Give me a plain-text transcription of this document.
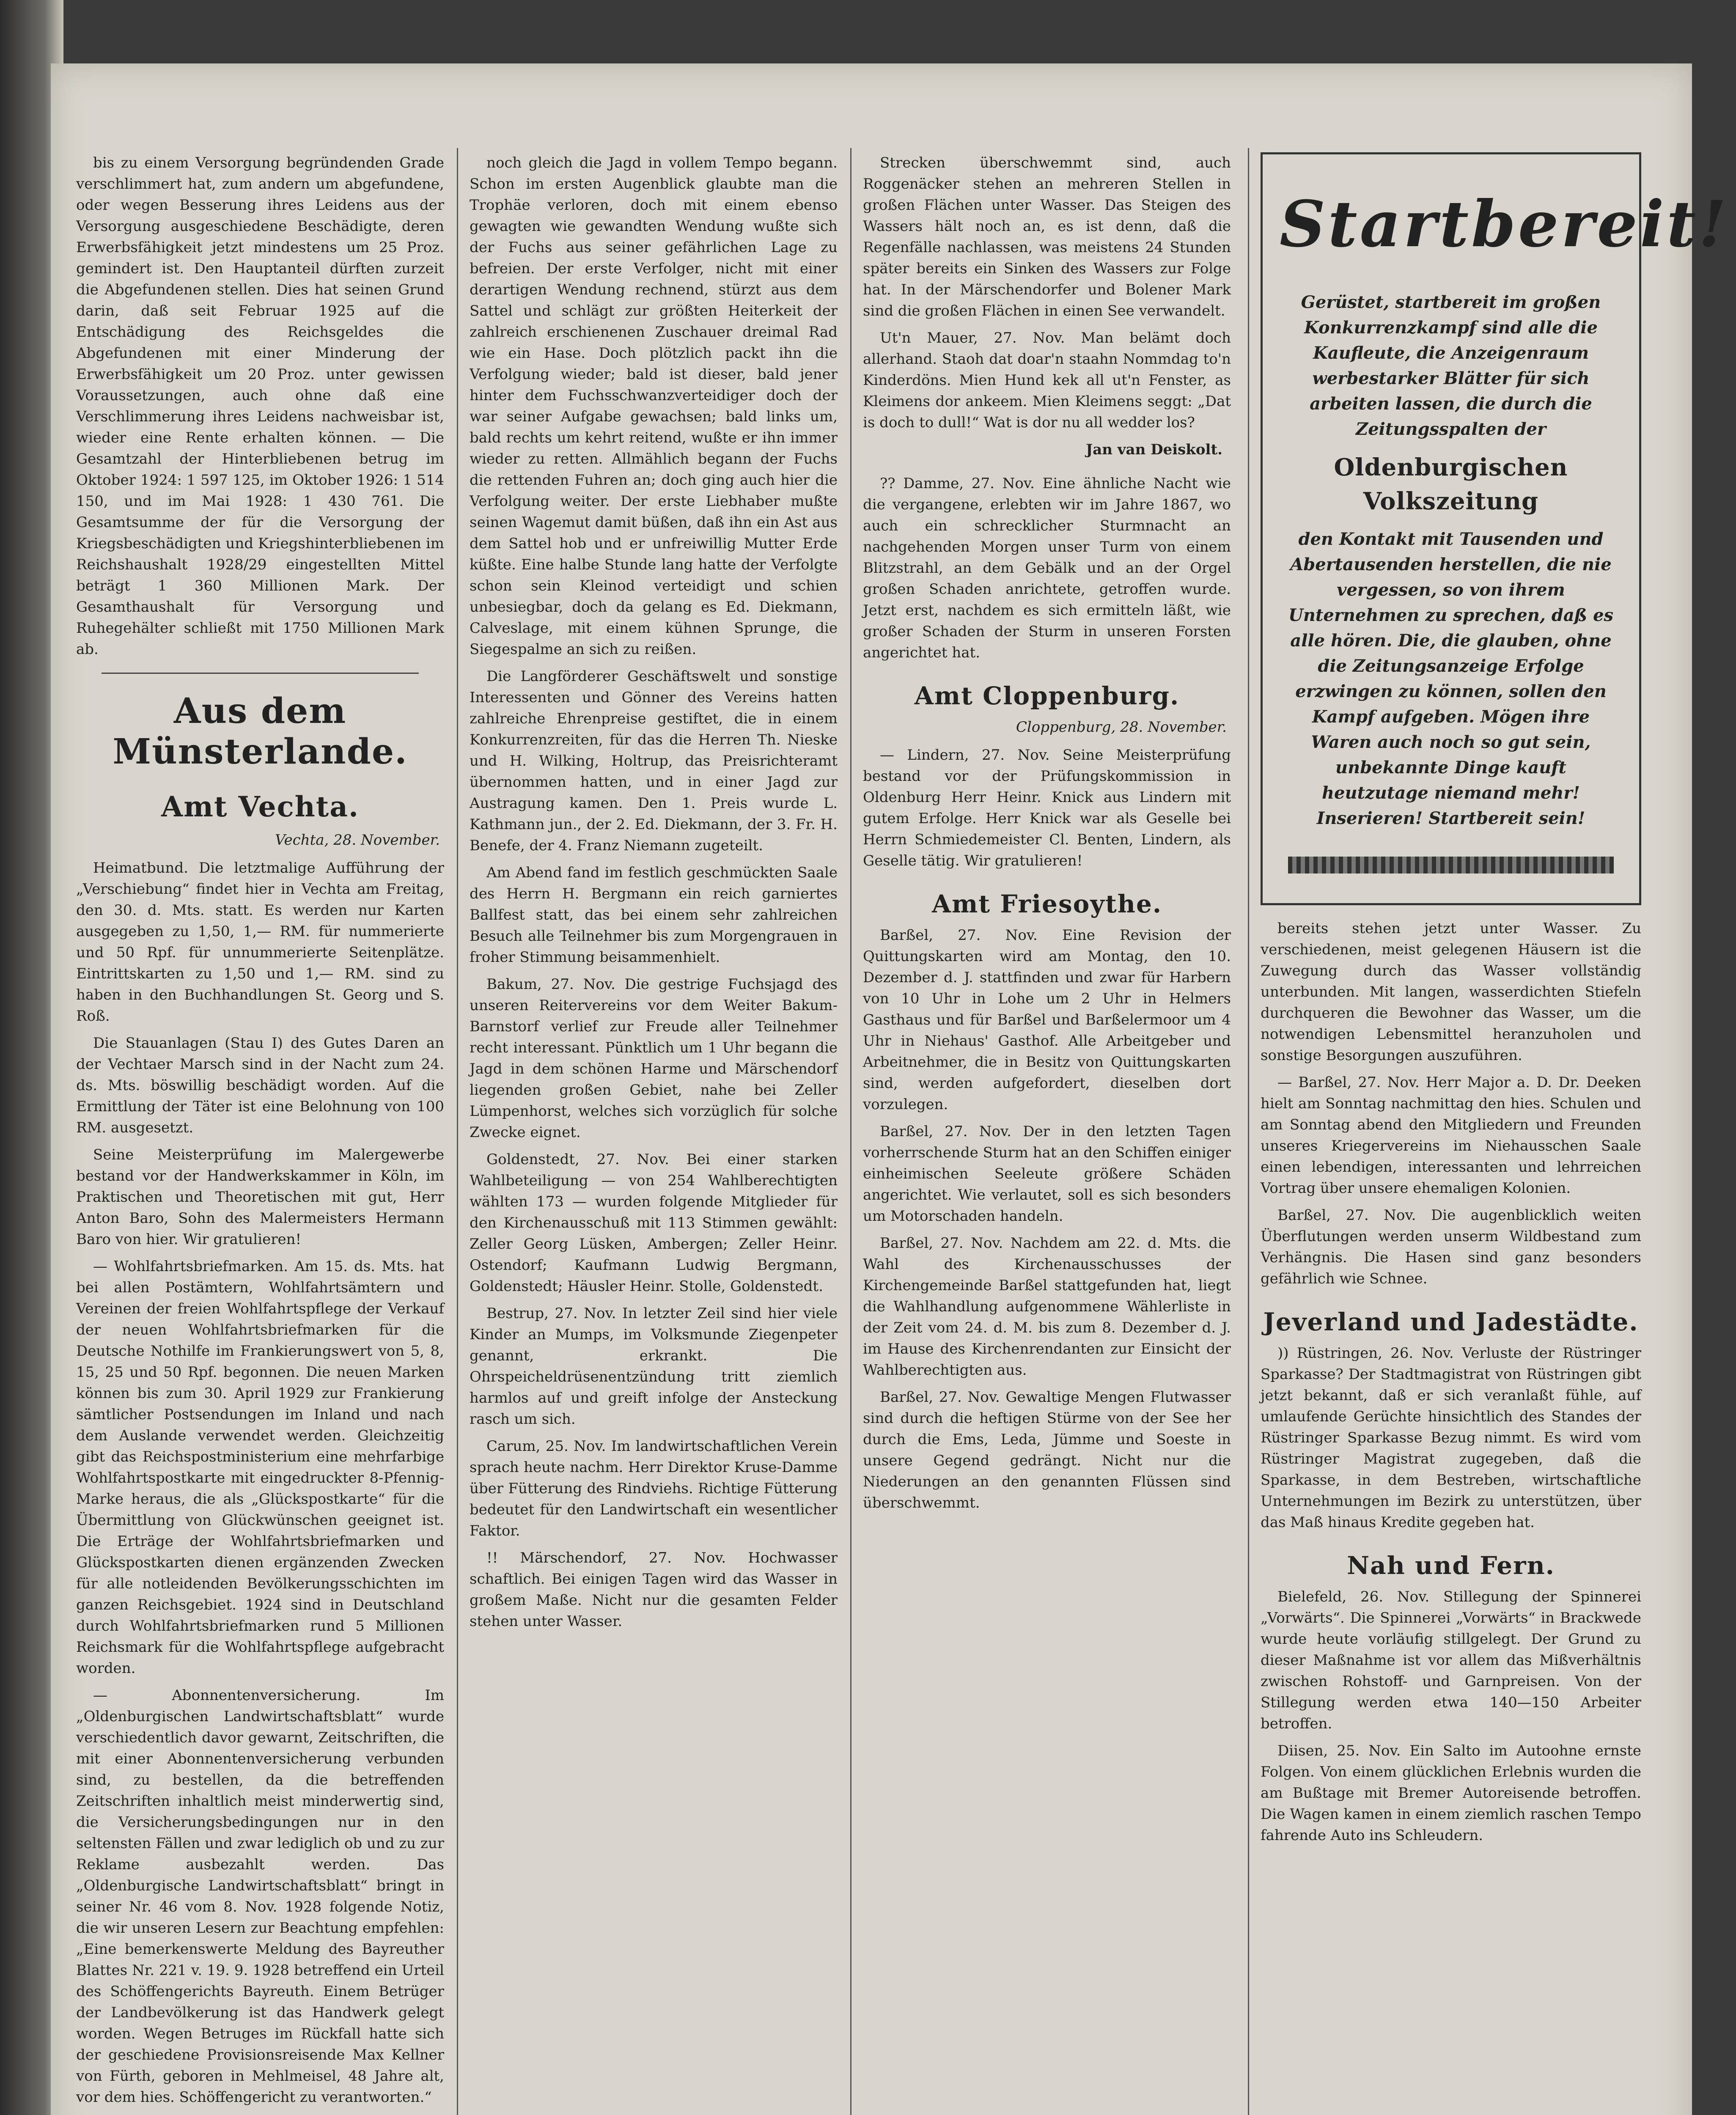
bis zu einem Versorgung begründenden Grade verschlimmert hat, zum andern um abgefundene, oder wegen Besserung ihres Leidens aus der Versorgung ausgeschiedene Beschädigte, deren Erwerbsfähigkeit jetzt mindestens um 25 Proz. gemindert ist. Den Hauptanteil dürften zurzeit die Abgefundenen stellen. Dies hat seinen Grund darin, daß seit Februar 1925 auf die Entschädigung des Reichsgeldes die Abgefundenen mit einer Minderung der Erwerbsfähigkeit um 20 Proz. unter gewissen Voraussetzungen, auch ohne daß eine Verschlimmerung ihres Leidens nachweisbar ist, wieder eine Rente erhalten können. — Die Gesamtzahl der Hinterbliebenen betrug im Oktober 1924: 1 597 125, im Oktober 1926: 1 514 150, und im Mai 1928: 1 430 761. Die Gesamtsumme der für die Versorgung der Kriegsbeschädigten und Kriegshinterbliebenen im Reichshaushalt 1928/29 eingestellten Mittel beträgt 1 360 Millionen Mark. Der Gesamthaushalt für Versorgung und Ruhegehälter schließt mit 1750 Millionen Mark ab.

Aus dem Münsterlande.
Amt Vechta.
Vechta, 28. November.

Heimatbund. Die letztmalige Aufführung der „Verschiebung“ findet hier in Vechta am Freitag, den 30. d. Mts. statt. Es werden nur Karten ausgegeben zu 1,50, 1,— RM. für nummerierte und 50 Rpf. für unnummerierte Seitenplätze. Eintrittskarten zu 1,50 und 1,— RM. sind zu haben in den Buchhandlungen St. Georg und S. Roß.

Die Stauanlagen (Stau I) des Gutes Daren an der Vechtaer Marsch sind in der Nacht zum 24. ds. Mts. böswillig beschädigt worden. Auf die Ermittlung der Täter ist eine Belohnung von 100 RM. ausgesetzt.

Seine Meisterprüfung im Malergewerbe bestand vor der Handwerkskammer in Köln, im Praktischen und Theoretischen mit gut, Herr Anton Baro, Sohn des Malermeisters Hermann Baro von hier. Wir gratulieren!

— Wohlfahrtsbriefmarken. Am 15. ds. Mts. hat bei allen Postämtern, Wohlfahrtsämtern und Vereinen der freien Wohlfahrtspflege der Verkauf der neuen Wohlfahrtsbriefmarken für die Deutsche Nothilfe im Frankierungswert von 5, 8, 15, 25 und 50 Rpf. begonnen. Die neuen Marken können bis zum 30. April 1929 zur Frankierung sämtlicher Postsendungen im Inland und nach dem Auslande verwendet werden. Gleichzeitig gibt das Reichspostministerium eine mehrfarbige Wohlfahrtspostkarte mit eingedruckter 8-Pfennig-Marke heraus, die als „Glückspostkarte“ für die Übermittlung von Glückwünschen geeignet ist. Die Erträge der Wohlfahrtsbriefmarken und Glückspostkarten dienen ergänzenden Zwecken für alle notleidenden Bevölkerungsschichten im ganzen Reichsgebiet. 1924 sind in Deutschland durch Wohlfahrtsbriefmarken rund 5 Millionen Reichsmark für die Wohlfahrtspflege aufgebracht worden.

— Abonnentenversicherung. Im „Oldenburgischen Landwirtschaftsblatt“ wurde verschiedentlich davor gewarnt, Zeitschriften, die mit einer Abonnentenversicherung verbunden sind, zu bestellen, da die betreffenden Zeitschriften inhaltlich meist minderwertig sind, die Versicherungsbedingungen nur in den seltensten Fällen und zwar lediglich ob und zu zur Reklame ausbezahlt werden. Das „Oldenburgische Landwirtschaftsblatt“ bringt in seiner Nr. 46 vom 8. Nov. 1928 folgende Notiz, die wir unseren Lesern zur Beachtung empfehlen: „Eine bemerkenswerte Meldung des Bayreuther Blattes Nr. 221 v. 19. 9. 1928 betreffend ein Urteil des Schöffengerichts Bayreuth. Einem Betrüger der Landbevölkerung ist das Handwerk gelegt worden. Wegen Betruges im Rückfall hatte sich der geschiedene Provisionsreisende Max Kellner von Fürth, geboren in Mehlmeisel, 48 Jahre alt, vor dem hies. Schöffengericht zu verantworten.“

noch gleich die Jagd in vollem Tempo begann. Schon im ersten Augenblick glaubte man die Trophäe verloren, doch mit einem ebenso gewagten wie gewandten Wendung wußte sich der Fuchs aus seiner gefährlichen Lage zu befreien. Der erste Verfolger, nicht mit einer derartigen Wendung rechnend, stürzt aus dem Sattel und schlägt zur größten Heiterkeit der zahlreich erschienenen Zuschauer dreimal Rad wie ein Hase. Doch plötzlich packt ihn die Verfolgung wieder; bald ist dieser, bald jener hinter dem Fuchsschwanzverteidiger doch der war seiner Aufgabe gewachsen; bald links um, bald rechts um kehrt reitend, wußte er ihn immer wieder zu retten. Allmählich begann der Fuchs die rettenden Fuhren an; doch ging auch hier die Verfolgung weiter. Der erste Liebhaber mußte seinen Wagemut damit büßen, daß ihn ein Ast aus dem Sattel hob und er unfreiwillig Mutter Erde küßte. Eine halbe Stunde lang hatte der Verfolgte schon sein Kleinod verteidigt und schien unbesiegbar, doch da gelang es Ed. Diekmann, Calveslage, mit einem kühnen Sprunge, die Siegespalme an sich zu reißen.

Die Langförderer Geschäftswelt und sonstige Interessenten und Gönner des Vereins hatten zahlreiche Ehrenpreise gestiftet, die in einem Konkurrenzreiten, für das die Herren Th. Nieske und H. Wilking, Holtrup, das Preisrichteramt übernommen hatten, und in einer Jagd zur Austragung kamen. Den 1. Preis wurde L. Kathmann jun., der 2. Ed. Diekmann, der 3. Fr. H. Benefe, der 4. Franz Niemann zugeteilt.

Am Abend fand im festlich geschmückten Saale des Herrn H. Bergmann ein reich garniertes Ballfest statt, das bei einem sehr zahlreichen Besuch alle Teilnehmer bis zum Morgengrauen in froher Stimmung beisammenhielt.

Bakum, 27. Nov. Die gestrige Fuchsjagd des unseren Reitervereins vor dem Weiter Bakum-Barnstorf verlief zur Freude aller Teilnehmer recht interessant. Pünktlich um 1 Uhr begann die Jagd in dem schönen Harme und Märschendorf liegenden großen Gebiet, nahe bei Zeller Lümpenhorst, welches sich vorzüglich für solche Zwecke eignet.

Goldenstedt, 27. Nov. Bei einer starken Wahlbeteiligung — von 254 Wahlberechtigten wählten 173 — wurden folgende Mitglieder für den Kirchenausschuß mit 113 Stimmen gewählt: Zeller Georg Lüsken, Ambergen; Zeller Heinr. Ostendorf; Kaufmann Ludwig Bergmann, Goldenstedt; Häusler Heinr. Stolle, Goldenstedt.

Bestrup, 27. Nov. In letzter Zeil sind hier viele Kinder an Mumps, im Volksmunde Ziegenpeter genannt, erkrankt. Die Ohrspeicheldrüsenentzündung tritt ziemlich harmlos auf und greift infolge der Ansteckung rasch um sich.

Carum, 25. Nov. Im landwirtschaftlichen Verein sprach heute nachm. Herr Direktor Kruse-Damme über Fütterung des Rindviehs. Richtige Fütterung bedeutet für den Landwirtschaft ein wesentlicher Faktor.

!! Märschendorf, 27. Nov. Hochwasser schaftlich. Bei einigen Tagen wird das Wasser in großem Maße. Nicht nur die gesamten Felder stehen unter Wasser.

Strecken überschwemmt sind, auch Roggenäcker stehen an mehreren Stellen in großen Flächen unter Wasser. Das Steigen des Wassers hält noch an, es ist denn, daß die Regenfälle nachlassen, was meistens 24 Stunden später bereits ein Sinken des Wassers zur Folge hat. In der Märschendorfer und Bolener Mark sind die großen Flächen in einen See verwandelt.

Ut'n Mauer, 27. Nov. Man belämt doch allerhand. Staoh dat doar'n staahn Nommdag to'n Kinderdöns. Mien Hund kek all ut'n Fenster, as Kleimens dor ankeem. Mien Kleimens seggt: „Dat is doch to dull!“ Wat is dor nu all wedder los?

Jan van Deiskolt.

?? Damme, 27. Nov. Eine ähnliche Nacht wie die vergangene, erlebten wir im Jahre 1867, wo auch ein schrecklicher Sturmnacht an nachgehenden Morgen unser Turm von einem Blitzstrahl, an dem Gebälk und an der Orgel großen Schaden anrichtete, getroffen wurde. Jetzt erst, nachdem es sich ermitteln läßt, wie großer Schaden der Sturm in unseren Forsten angerichtet hat.

Amt Cloppenburg.
Cloppenburg, 28. November.

— Lindern, 27. Nov. Seine Meisterprüfung bestand vor der Prüfungskommission in Oldenburg Herr Heinr. Knick aus Lindern mit gutem Erfolge. Herr Knick war als Geselle bei Herrn Schmiedemeister Cl. Benten, Lindern, als Geselle tätig. Wir gratulieren!

Amt Friesoythe.

Barßel, 27. Nov. Eine Revision der Quittungskarten wird am Montag, den 10. Dezember d. J. stattfinden und zwar für Harbern von 10 Uhr in Lohe um 2 Uhr in Helmers Gasthaus und für Barßel und Barßelermoor um 4 Uhr in Niehaus' Gasthof. Alle Arbeitgeber und Arbeitnehmer, die in Besitz von Quittungskarten sind, werden aufgefordert, dieselben dort vorzulegen.

Barßel, 27. Nov. Der in den letzten Tagen vorherrschende Sturm hat an den Schiffen einiger einheimischen Seeleute größere Schäden angerichtet. Wie verlautet, soll es sich besonders um Motorschaden handeln.

Barßel, 27. Nov. Nachdem am 22. d. Mts. die Wahl des Kirchenausschusses der Kirchengemeinde Barßel stattgefunden hat, liegt die Wahlhandlung aufgenommene Wählerliste in der Zeit vom 24. d. M. bis zum 8. Dezember d. J. im Hause des Kirchenrendanten zur Einsicht der Wahlberechtigten aus.

Barßel, 27. Nov. Gewaltige Mengen Flutwasser sind durch die heftigen Stürme von der See her durch die Ems, Leda, Jümme und Soeste in unsere Gegend gedrängt. Nicht nur die Niederungen an den genannten Flüssen sind überschwemmt.

Startbereit!
Gerüstet, startbereit im großen Konkurrenzkampf sind alle die Kaufleute, die Anzeigenraum werbestarker Blätter für sich arbeiten lassen, die durch die Zeitungsspalten der
Oldenburgischen Volkszeitung
den Kontakt mit Tausenden und Abertausenden herstellen, die nie vergessen, so von ihrem Unternehmen zu sprechen, daß es alle hören. Die, die glauben, ohne die Zeitungsanzeige Erfolge erzwingen zu können, sollen den Kampf aufgeben. Mögen ihre Waren auch noch so gut sein, unbekannte Dinge kauft heutzutage niemand mehr! Inserieren! Startbereit sein!

bereits stehen jetzt unter Wasser. Zu verschiedenen, meist gelegenen Häusern ist die Zuwegung durch das Wasser vollständig unterbunden. Mit langen, wasserdichten Stiefeln durchqueren die Bewohner das Wasser, um die notwendigen Lebensmittel heranzuholen und sonstige Besorgungen auszuführen.

— Barßel, 27. Nov. Herr Major a. D. Dr. Deeken hielt am Sonntag nachmittag den hies. Schulen und am Sonntag abend den Mitgliedern und Freunden unseres Kriegervereins im Niehausschen Saale einen lebendigen, interessanten und lehrreichen Vortrag über unsere ehemaligen Kolonien.

Barßel, 27. Nov. Die augenblicklich weiten Überflutungen werden unserm Wildbestand zum Verhängnis. Die Hasen sind ganz besonders gefährlich wie Schnee.

Jeverland und Jadestädte.

)) Rüstringen, 26. Nov. Verluste der Rüstringer Sparkasse? Der Stadtmagistrat von Rüstringen gibt jetzt bekannt, daß er sich veranlaßt fühle, auf umlaufende Gerüchte hinsichtlich des Standes der Rüstringer Sparkasse Bezug nimmt. Es wird vom Rüstringer Magistrat zugegeben, daß die Sparkasse, in dem Bestreben, wirtschaftliche Unternehmungen im Bezirk zu unterstützen, über das Maß hinaus Kredite gegeben hat.

Nah und Fern.

Bielefeld, 26. Nov. Stillegung der Spinnerei „Vorwärts“. Die Spinnerei „Vorwärts“ in Brackwede wurde heute vorläufig stillgelegt. Der Grund zu dieser Maßnahme ist vor allem das Mißverhältnis zwischen Rohstoff- und Garnpreisen. Von der Stillegung werden etwa 140—150 Arbeiter betroffen.

Diisen, 25. Nov. Ein Salto im Autoohne ernste Folgen. Von einem glücklichen Erlebnis wurden die am Bußtage mit Bremer Autoreisende betroffen. Die Wagen kamen in einem ziemlich raschen Tempo fahrende Auto ins Schleudern.
